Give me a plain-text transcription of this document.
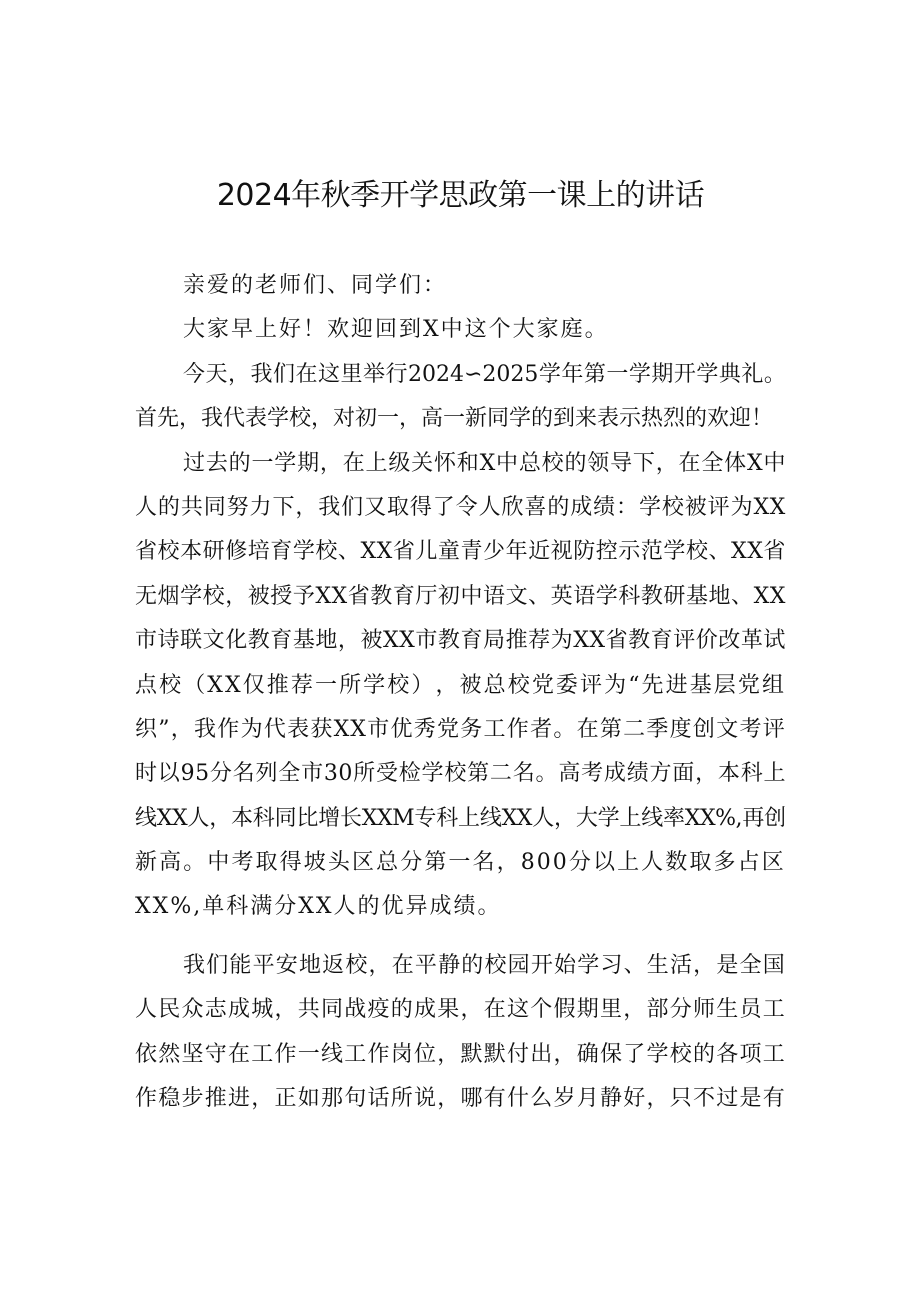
2024年秋季开学思政第一课上的讲话
亲爱的老师们、同学们：
大家早上好！欢迎回到X中这个大家庭。
今 天 ， 我 们 在 这 里 举 行 2024∽2025 学 年 第 一 学 期 开 学 典 礼 。
首先，我代表学校，对初一，高一新同学的到来表示热烈的欢迎！
过 去 的 一 学 期 ， 在 上 级 关 怀 和 X 中 总 校 的 领 导 下 ， 在 全 体 X 中
人 的 共 同 努 力 下 ， 我 们 又 取 得 了 令 人 欣 喜 的 成 绩 ： 学 校 被 评 为 XX
省 校 本 研 修 培 育 学 校 、 XX 省 儿 童 青 少 年 近 视 防 控 示 范 学 校 、 XX 省
无 烟 学 校 ， 被 授 予 XX 省 教 育 厅 初 中 语 文 、 英 语 学 科 教 研 基 地 、 XX
市 诗 联 文 化 教 育 基 地 ， 被 XX 市 教 育 局 推 荐 为 XX 省 教 育 评 价 改 革 试
点 校 （ XX 仅 推 荐 一 所 学 校 ） ， 被 总 校 党 委 评 为 “ 先 进 基 层 党 组
织 ” ， 我 作 为 代 表 获 XX 市 优 秀 党 务 工 作 者 。 在 第 二 季 度 创 文 考 评
时 以 95 分 名 列 全 市 30 所 受 检 学 校 第 二 名 。 高 考 成 绩 方 面 ， 本 科 上
线 XX 人 ， 本 科 同 比 增 长 XXM 专 科 上 线 XX 人 ， 大 学 上 线 率 XX%, 再 创
新 高 。 中 考 取 得 坡 头 区 总 分 第 一 名 ， 800 分 以 上 人 数 取 多 占 区
XX%,单科满分XX人的优异成绩。
我 们 能 平 安 地 返 校 ， 在 平 静 的 校 园 开 始 学 习 、 生 活 ， 是 全 国
人 民 众 志 成 城 ， 共 同 战 疫 的 成 果 ， 在 这 个 假 期 里 ， 部 分 师 生 员 工
依 然 坚 守 在 工 作 一 线 工 作 岗 位 ， 默 默 付 出 ， 确 保 了 学 校 的 各 项 工
作 稳 步 推 进 ， 正 如 那 句 话 所 说 ， 哪 有 什 么 岁 月 静 好 ， 只 不 过 是 有
